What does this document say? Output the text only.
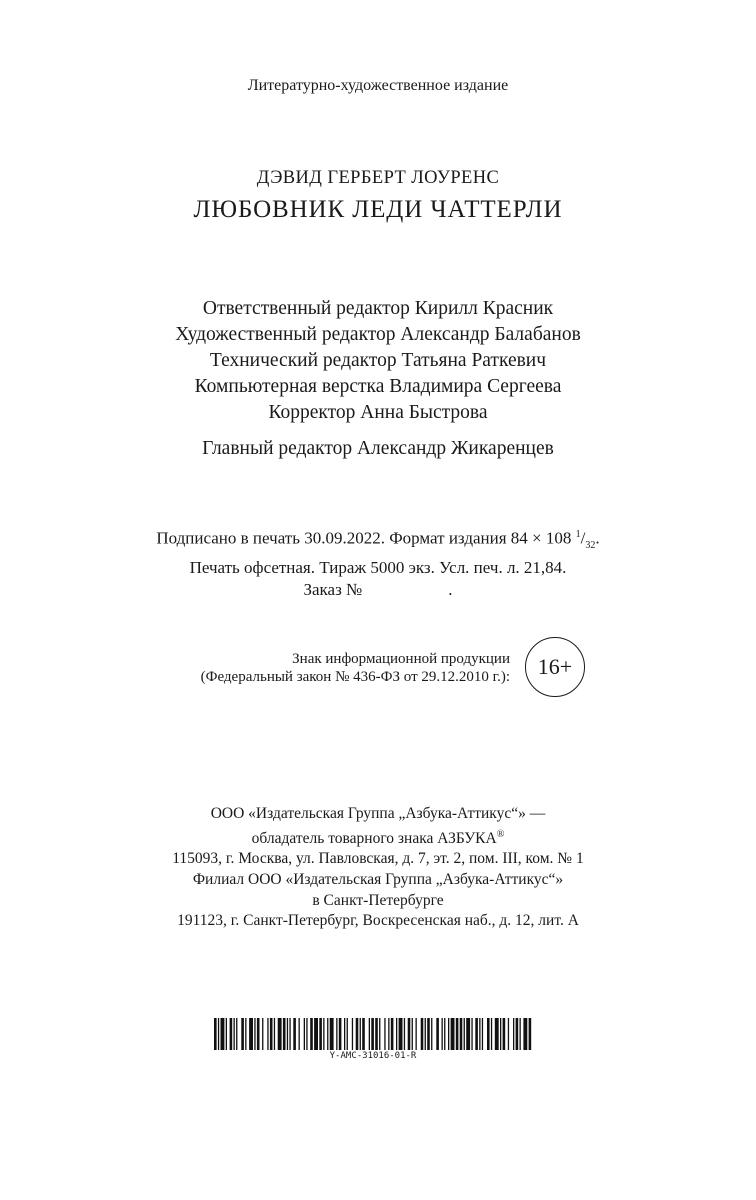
Литературно-художественное издание
ДЭВИД ГЕРБЕРТ ЛОУРЕНС
ЛЮБОВНИК ЛЕДИ ЧАТТЕРЛИ
Ответственный редактор Кирилл Красник
Художественный редактор Александр Балабанов
Технический редактор Татьяна Раткевич
Компьютерная верстка Владимира Сергеева
Корректор Анна Быстрова
Главный редактор Александр Жикаренцев
Подписано в печать 30.09.2022. Формат издания 84 × 108 $^1/_{32}$.
Печать офсетная. Тираж 5000 экз. Усл. печ. л. 21,84.
Заказ №	.
Знак информационной продукции
(Федеральный закон № 436-ФЗ от 29.12.2010 г.): 16+
ООО «Издательская Группа „Азбука-Аттикус“» —
обладатель товарного знака АЗБУКА®
115093, г. Москва, ул. Павловская, д. 7, эт. 2, пом. III, ком. № 1
Филиал ООО «Издательская Группа „Азбука-Аттикус“»
в Санкт-Петербурге
191123, г. Санкт-Петербург, Воскресенская наб., д. 12, лит. А
Y-AMC-31016-01-R
